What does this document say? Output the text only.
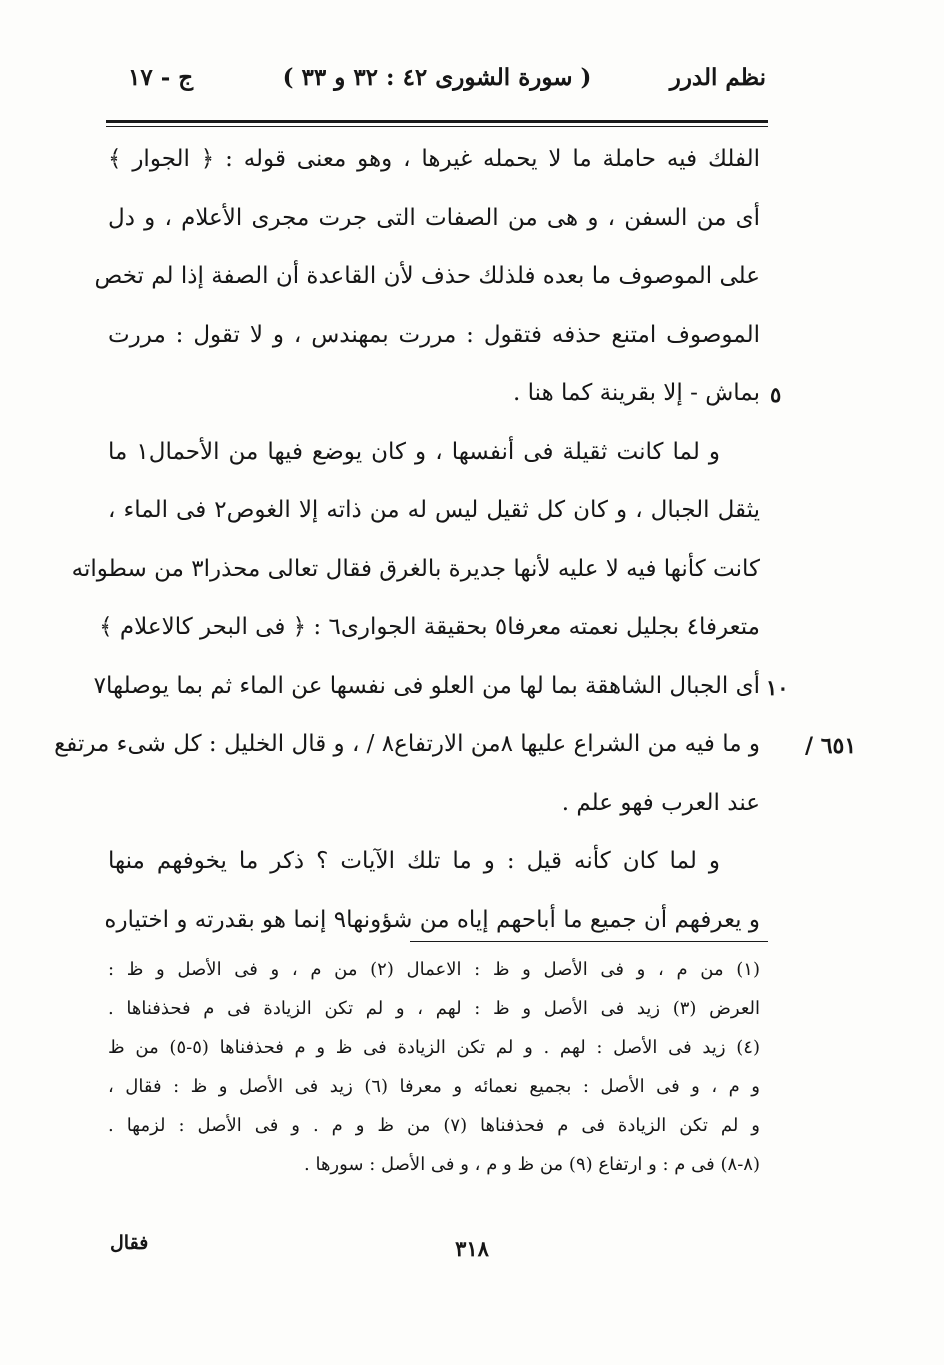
نظم الدرر
( سورة الشورى ٤٢ : ٣٢ و ٣٣ )
ج - ١٧
الفلك فيه حاملة ما لا يحمله غيرها ، وهو معنى قوله : ﴿ الجوار ﴾
أى من السفن ، و هى من الصفات التى جرت مجرى الأعلام ، و دل
على الموصوف ما بعده فلذلك حذف لأن القاعدة أن الصفة إذا لم تخص
الموصوف امتنع حذفه فتقول : مررت بمهندس ، و لا تقول : مررت
بماش - إلا بقرينة كما هنا .
و لما كانت ثقيلة فى أنفسها ، و كان يوضع فيها من الأحمال١ ما
يثقل الجبال ، و كان كل ثقيل ليس له من ذاته إلا الغوص٢ فى الماء ،
كانت كأنها فيه لا عليه لأنها جديرة بالغرق فقال تعالى محذرا٣ من سطواته
متعرفا٤ بجليل نعمته معرفا٥ بحقيقة الجوارى٦ : ﴿ فى البحر كالاعلام ﴾
أى الجبال الشاهقة بما لها من العلو فى نفسها عن الماء ثم بما يوصلها٧
و ما فيه من الشراع عليها ٨من الارتفاع٨ / ، و قال الخليل : كل شىء مرتفع
عند العرب فهو علم .
و لما كان كأنه قيل : و ما تلك الآيات ؟ ذكر ما يخوفهم منها
و يعرفهم أن جميع ما أباحهم إياه من شؤونها٩ إنما هو بقدرته و اختياره
٥
١٠
/ ٦٥١
(١) من م ، و فى الأصل و ظ : الاعمال (٢) من م ، و فى الأصل و ظ :
العرض (٣) زيد فى الأصل و ظ : لهم ، و لم تكن الزيادة فى م فحذفناها .
(٤) زيد فى الأصل : لهم . و لم تكن الزيادة فى ظ و م فحذفناها (٥-٥) من ظ
و م ، و فى الأصل : بجميع نعمائه و معرفا (٦) زيد فى الأصل و ظ : فقال ،
و لم تكن الزيادة فى م فحذفناها (٧) من ظ و م . و فى الأصل : لزمها .
(٨-٨) فى م : و ارتفاع (٩) من ظ و م ، و فى الأصل : سورها .
فقال	٣١٨
